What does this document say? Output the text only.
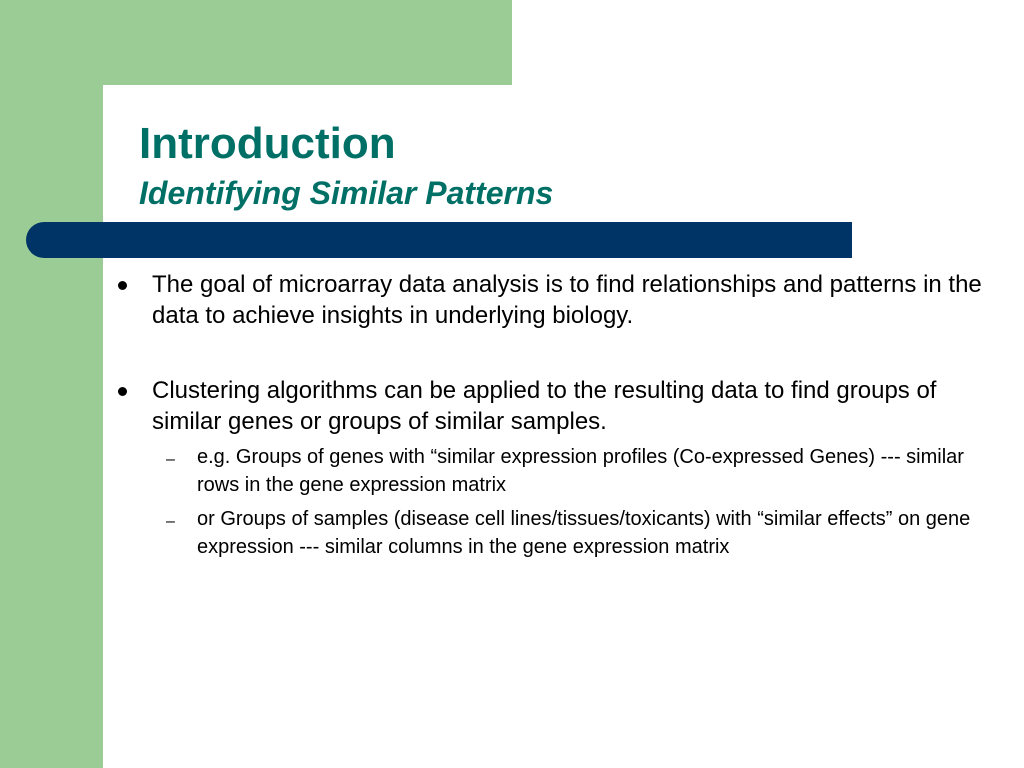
Introduction
Identifying Similar Patterns

The goal of microarray data analysis is to find relationships and patterns in the data to achieve insights in underlying biology.

Clustering algorithms can be applied to the resulting data to find groups of similar genes or groups of similar samples.

– e.g. Groups of genes with “similar expression profiles (Co-expressed Genes) --- similar rows in the gene expression matrix

– or Groups of samples (disease cell lines/tissues/toxicants) with “similar effects” on gene expression --- similar columns in the gene expression matrix
